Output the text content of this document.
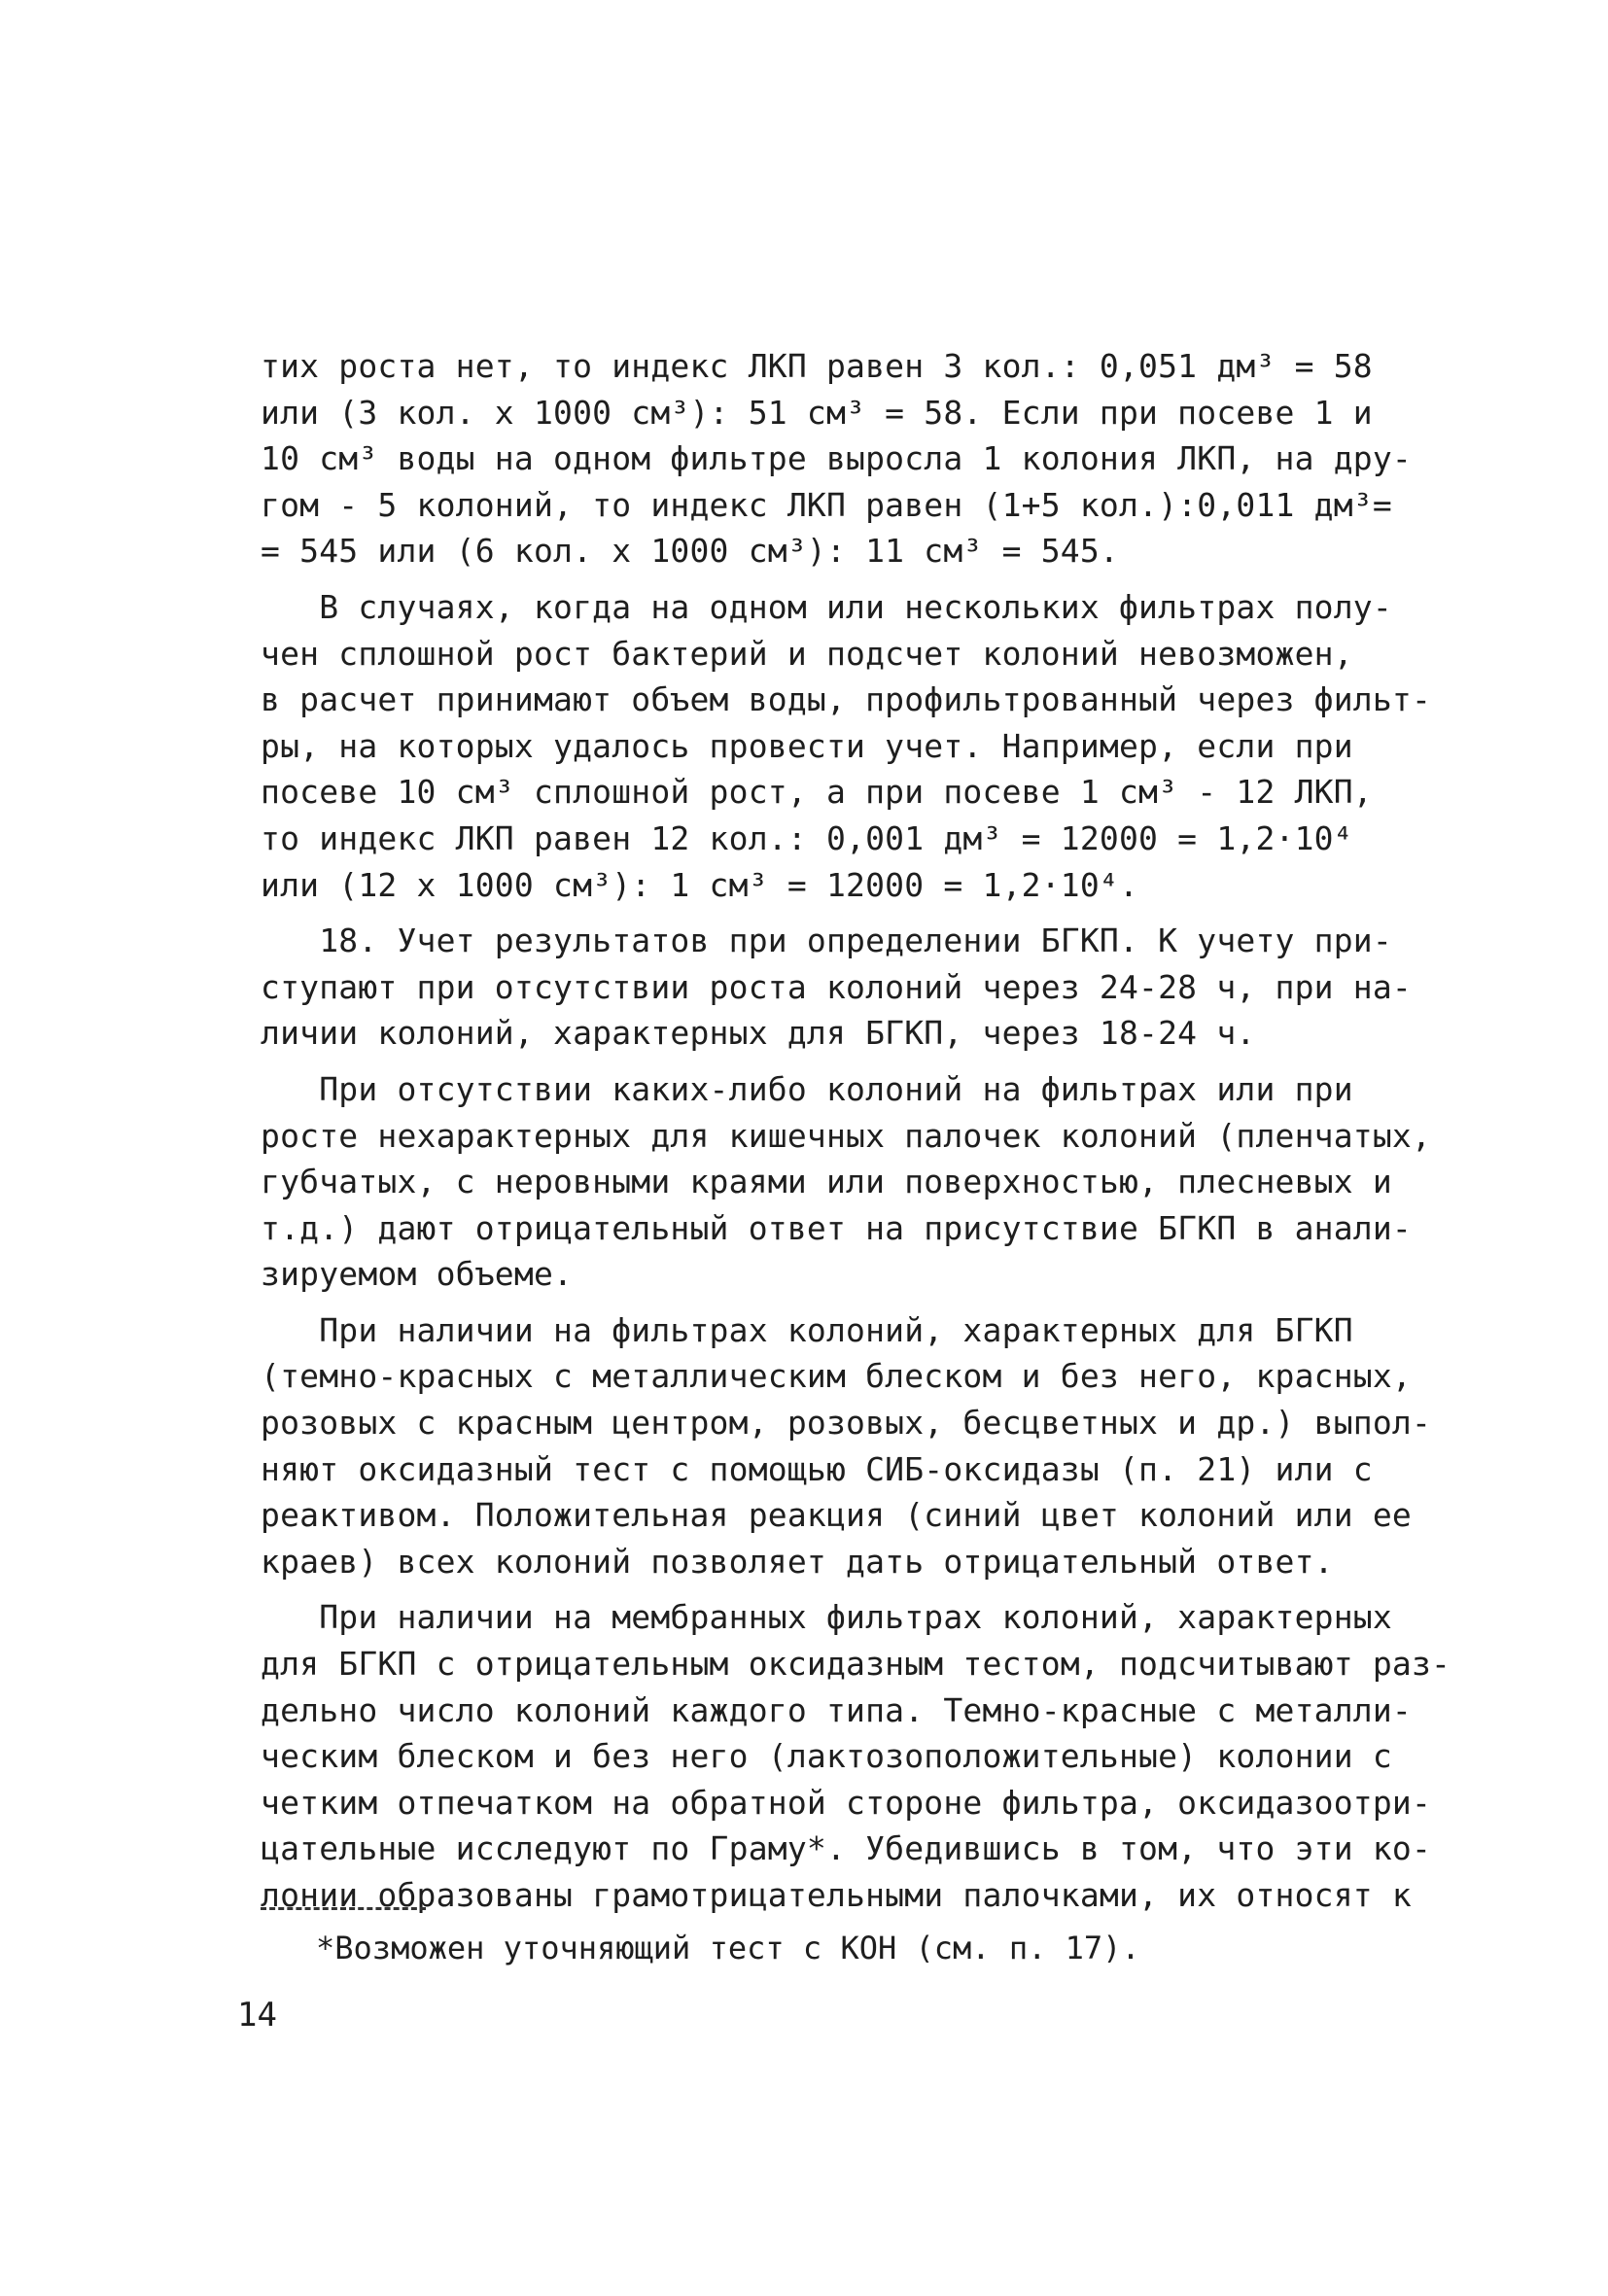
тих роста нет, то индекс ЛКП равен 3 кол.: 0,051 дм³ = 58
или (3 кол. x 1000 см³): 51 см³ = 58. Если при посеве 1 и
10 см³ воды на одном фильтре выросла 1 колония ЛКП, на дру-
гом - 5 колоний, то индекс ЛКП равен (1+5 кол.):0,011 дм³=
= 545 или (6 кол. x 1000 см³): 11 см³ = 545.
В случаях, когда на одном или нескольких фильтрах полу-
чен сплошной рост бактерий и подсчет колоний невозможен,
в расчет принимают объем воды, профильтрованный через фильт-
ры, на которых удалось провести учет. Например, если при
посеве 10 см³ сплошной рост, а при посеве 1 см³ - 12 ЛКП,
то индекс ЛКП равен 12 кол.: 0,001 дм³ = 12000 = 1,2·10⁴
или (12 x 1000 см³): 1 см³ = 12000 = 1,2·10⁴.
18. Учет результатов при определении БГКП. К учету при-
ступают при отсутствии роста колоний через 24-28 ч, при на-
личии колоний, характерных для БГКП, через 18-24 ч.
При отсутствии каких-либо колоний на фильтрах или при
росте нехарактерных для кишечных палочек колоний (пленчатых,
губчатых, с неровными краями или поверхностью, плесневых и
т.д.) дают отрицательный ответ на присутствие БГКП в анали-
зируемом объеме.
При наличии на фильтрах колоний, характерных для БГКП
(темно-красных с металлическим блеском и без него, красных,
розовых с красным центром, розовых, бесцветных и др.) выпол-
няют оксидазный тест с помощью СИБ-оксидазы (п. 21) или с
реактивом. Положительная реакция (синий цвет колоний или ее
краев) всех колоний позволяет дать отрицательный ответ.
При наличии на мембранных фильтрах колоний, характерных
для БГКП с отрицательным оксидазным тестом, подсчитывают раз-
дельно число колоний каждого типа. Темно-красные с металли-
ческим блеском и без него (лактозоположительные) колонии с
четким отпечатком на обратной стороне фильтра, оксидазоотри-
цательные исследуют по Граму*. Убедившись в том, что эти ко-
лонии образованы грамотрицательными палочками, их относят к
*Возможен уточняющий тест с КОН (см. п. 17).
14
